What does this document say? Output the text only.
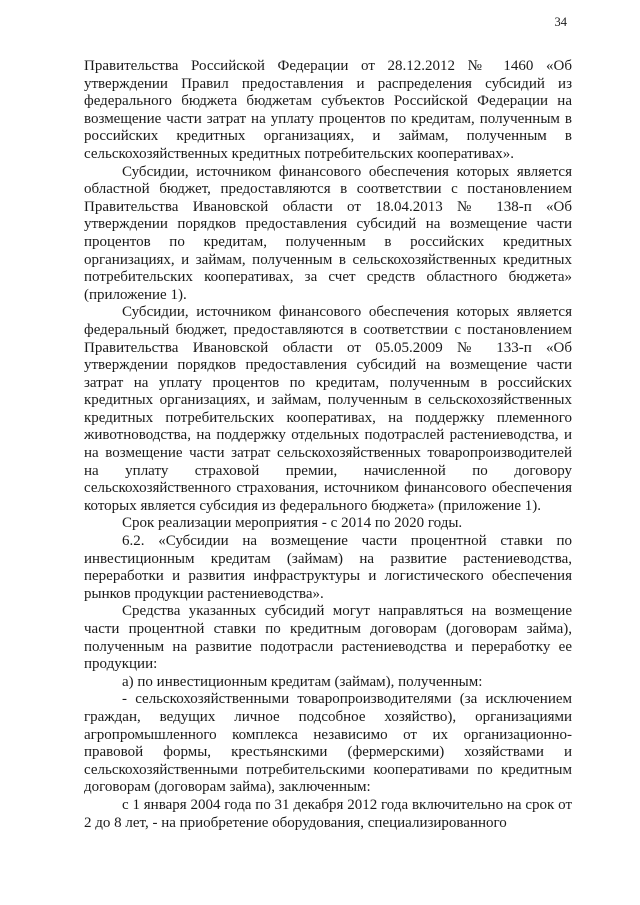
34

Правительства Российской Федерации от 28.12.2012 № 1460 «Об утверждении Правил предоставления и распределения субсидий из федерального бюджета бюджетам субъектов Российской Федерации на возмещение части затрат на уплату процентов по кредитам, полученным в российских кредитных организациях, и займам, полученным в сельскохозяйственных кредитных потребительских кооперативах».

Субсидии, источником финансового обеспечения которых является областной бюджет, предоставляются в соответствии с постановлением Правительства Ивановской области от 18.04.2013 № 138-п «Об утверждении порядков предоставления субсидий на возмещение части процентов по кредитам, полученным в российских кредитных организациях, и займам, полученным в сельскохозяйственных кредитных потребительских кооперативах, за счет средств областного бюджета» (приложение 1).

Субсидии, источником финансового обеспечения которых является федеральный бюджет, предоставляются в соответствии с постановлением Правительства Ивановской области от 05.05.2009 № 133-п «Об утверждении порядков предоставления субсидий на возмещение части затрат на уплату процентов по кредитам, полученным в российских кредитных организациях, и займам, полученным в сельскохозяйственных кредитных потребительских кооперативах, на поддержку племенного животноводства, на поддержку отдельных подотраслей растениеводства, и на возмещение части затрат сельскохозяйственных товаропроизводителей на уплату страховой премии, начисленной по договору сельскохозяйственного страхования, источником финансового обеспечения которых является субсидия из федерального бюджета» (приложение 1).

Срок реализации мероприятия - с 2014 по 2020 годы.

6.2. «Субсидии на возмещение части процентной ставки по инвестиционным кредитам (займам) на развитие растениеводства, переработки и развития инфраструктуры и логистического обеспечения рынков продукции растениеводства».

Средства указанных субсидий могут направляться на возмещение части процентной ставки по кредитным договорам (договорам займа), полученным на развитие подотрасли растениеводства и переработку ее продукции:

а) по инвестиционным кредитам (займам), полученным:

- сельскохозяйственными товаропроизводителями (за исключением граждан, ведущих личное подсобное хозяйство), организациями агропромышленного комплекса независимо от их организационно-правовой формы, крестьянскими (фермерскими) хозяйствами и сельскохозяйственными потребительскими кооперативами по кредитным договорам (договорам займа), заключенным:

с 1 января 2004 года по 31 декабря 2012 года включительно на срок от 2 до 8 лет, - на приобретение оборудования, специализированного
